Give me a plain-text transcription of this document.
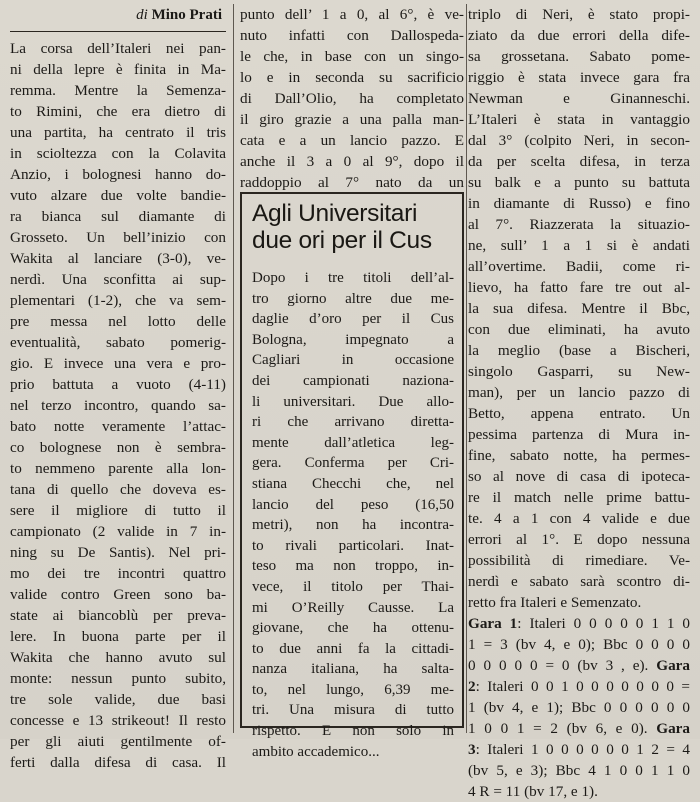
di Mino Prati
La corsa dell’Italeri nei pan-
ni della lepre è finita in Ma-
remma. Mentre la Semenza-
to Rimini, che era dietro di
una partita, ha centrato il tris
in scioltezza con la Colavita
Anzio, i bolognesi hanno do-
vuto alzare due volte bandie-
ra bianca sul diamante di
Grosseto. Un bell’inizio con
Wakita al lanciare (3-0), ve-
nerdì. Una sconfitta ai sup-
plementari (1-2), che va sem-
pre messa nel lotto delle
eventualità, sabato pomerig-
gio. E invece una vera e pro-
prio battuta a vuoto (4-11)
nel terzo incontro, quando sa-
bato notte veramente l’attac-
co bolognese non è sembra-
to nemmeno parente alla lon-
tana di quello che doveva es-
sere il migliore di tutto il
campionato (2 valide in 7 in-
ning su De Santis). Nel pri-
mo dei tre incontri quattro
valide contro Green sono ba-
state ai biancoblù per preva-
lere. In buona parte per il
Wakita che hanno avuto sul
monte: nessun punto subito,
tre sole valide, due basi
concesse e 13 strikeout! Il resto
per gli aiuti gentilmente of-
ferti dalla difesa di casa. Il
punto dell’ 1 a 0, al 6°, è ve-
nuto infatti con Dallospeda-
le che, in base con un singo-
lo e in seconda su sacrificio
di Dall’Olio, ha completato
il giro grazie a una palla man-
cata e a un lancio pazzo. E
anche il 3 a 0 al 9°, dopo il
raddoppio al 7° nato da un
Agli Universitari
due ori per il Cus
Dopo i tre titoli dell’al-
tro giorno altre due me-
daglie d’oro per il Cus
Bologna, impegnato a
Cagliari in occasione
dei campionati naziona-
li universitari. Due allo-
ri che arrivano diretta-
mente dall’atletica leg-
gera. Conferma per Cri-
stiana Checchi che, nel
lancio del peso (16,50
metri), non ha incontra-
to rivali particolari. Inat-
teso ma non troppo, in-
vece, il titolo per Thai-
mi O’Reilly Causse. La
giovane, che ha ottenu-
to due anni fa la cittadi-
nanza italiana, ha salta-
to, nel lungo, 6,39 me-
tri. Una misura di tutto
rispetto. E non solo in
ambito accademico...
triplo di Neri, è stato propi-
ziato da due errori della dife-
sa grossetana. Sabato pome-
riggio è stata invece gara fra
Newman e Ginanneschi.
L’Italeri è stata in vantaggio
dal 3° (colpito Neri, in secon-
da per scelta difesa, in terza
su balk e a punto su battuta
in diamante di Russo) e fino
al 7°. Riazzerata la situazio-
ne, sull’ 1 a 1 si è andati
all’overtime. Badii, come ri-
lievo, ha fatto fare tre out al-
la sua difesa. Mentre il Bbc,
con due eliminati, ha avuto
la meglio (base a Bischeri,
singolo Gasparri, su New-
man), per un lancio pazzo di
Betto, appena entrato. Un
pessima partenza di Mura in-
fine, sabato notte, ha permes-
so al nove di casa di ipoteca-
re il match nelle prime battu-
te. 4 a 1 con 4 valide e due
errori al 1°. E dopo nessuna
possibilità di rimediare. Ve-
nerdì e sabato sarà scontro di-
retto fra Italeri e Semenzato.
Gara 1: Italeri 0 0 0 0 0 1 1 0
1 = 3 (bv 4, e 0); Bbc 0 0 0 0
0 0 0 0 0 = 0 (bv 3 , e). Gara
2: Italeri 0 0 1 0 0 0 0 0 0 0 =
1 (bv 4, e 1); Bbc 0 0 0 0 0 0
1 0 0 1 = 2 (bv 6, e 0). Gara
3: Italeri 1 0 0 0 0 0 0 1 2 = 4
(bv 5, e 3); Bbc 4 1 0 0 1 1 0
4 R = 11 (bv 17, e 1).
